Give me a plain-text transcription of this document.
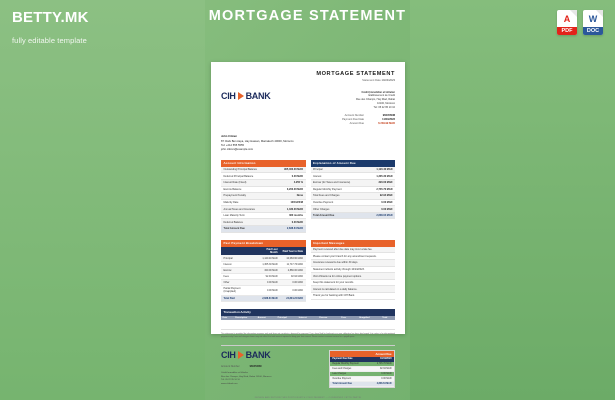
BETTY.MK
fully editable template
MORTGAGE STATEMENT	A
PDF
W
DOC
MORTGAGE STATEMENT
Statement Date 10/24/2023
CIH BANK	Crédit Immobilier et Hôtelier
Établissement de Crédit
Rue des Champs, Hay Riad, Rabat
10100, Morocco
Tél: 05 22 95 10 10
Account Number	9604560M
Payment Due Date	11/04/2023
Amount Due	$ 239.99 MAD
John Citizen
87 Clark Ben Aaya, Hay Hassan, Marrakech 40000, Morocco
Tel: +212 555 5555
john.citizen@example.com
Account Information
Outstanding Principal Balance	905,460.00 MAD
Deferred Principal Balance	0.00 MAD
Interest Rate (Fixed)	4.250 %
Escrow Balance	3,200.00 MAD
Prepayment Penalty	None
Maturity Date	10/01/2048
Annual Taxes and Insurance	1,430.00 MAD
Loan Maturity Term	360 months
Deferred Balance	0.00 MAD
Total Amount Due	2,838.64 MAD
Explanation of Amount Due
Principal	1,120.40 MAD
Interest	1,305.30 MAD
Escrow (for Taxes and Insurance)	320.00 MAD
Regular Monthly Payment	2,745.70 MAD
Total Fees and Charges	92.94 MAD
Overdue Payment	0.00 MAD
Other Charges	0.00 MAD
Total Amount Due	2,838.64 MAD
Past Payment Breakdown
	Paid Last Month	Paid Year to Date
Principal	1,120.40 MAD	10,083.60 MAD
Interest	1,305.30 MAD	11,747.70 MAD
Escrow	320.00 MAD	2,880.00 MAD
Fees	92.94 MAD	92.94 MAD
Other	0.00 MAD	0.00 MAD
Partial Payment (Unapplied)	0.00 MAD	0.00 MAD
Total Paid	2,838.64 MAD	24,804.24 MAD
Important Messages
Payment received after due date may incur a late fee.
Please contact your branch for any amendment requests.
Insurance renewal is due within 30 days.
Statement reflects activity through 10/24/2023.
Visit cihbank.ma for online payment options.
Keep this statement for your records.
Interest is calculated on a daily balance.
Thank you for banking with CIH Bank.
Transaction Activity
Date	Description	Amount	Principal	Interest	Escrow	Fees	Unapplied	Total
This statement is provided for information purposes only and does not constitute a demand for payment. If you have filed for bankruptcy or your obligation has been discharged, this notice is for informational purposes only. Fees and charges shown may not reflect the total amount required to bring your loan current. Please contact customer service for a payoff quote.
CIH BANK
Account Number	9604560M
Crédit Immobilier et Hôtelier
Rue des Champs, Hay Riad, Rabat 10100, Morocco
Tél: 05 22 95 10 10
www.cihbank.ma
Amount Due
Payment Due Date	11/04/2023
Regular Monthly Payment	2,745.70 MAD
Fees and Charges	92.94 MAD
Late Charges	0.00 MAD
Overdue Payment	0.00 MAD
Total Amount Due	2,838.64 MAD
DETACH AND RETURN THIS PORTION WITH YOUR PAYMENT — CONSERVEZ CETTE PARTIE
